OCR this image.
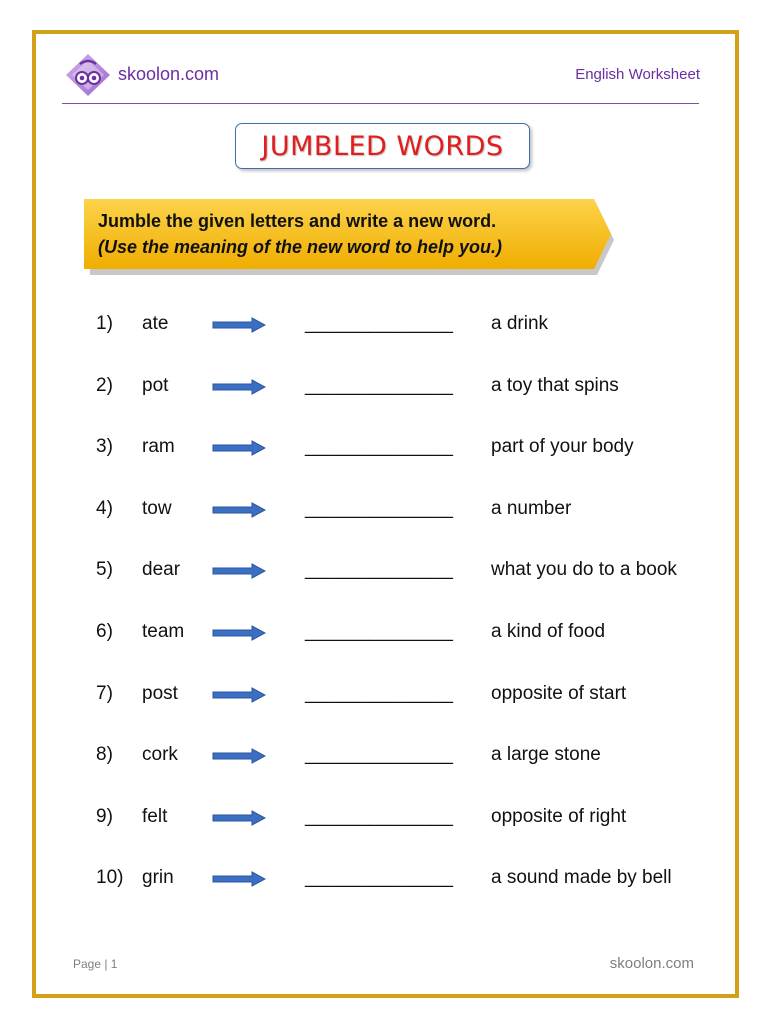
skoolon.com	English Worksheet
JUMBLED WORDS
Jumble the given letters and write a new word.
(Use the meaning of the new word to help you.)
1) ate	______________ a drink
2) pot	______________ a toy that spins
3) ram	______________ part of your body
4) tow	______________ a number
5) dear	______________ what you do to a book
6) team	______________ a kind of food
7) post	______________ opposite of start
8) cork	______________ a large stone
9) felt	______________ opposite of right
10) grin	______________ a sound made by bell
Page | 1	skoolon.com
